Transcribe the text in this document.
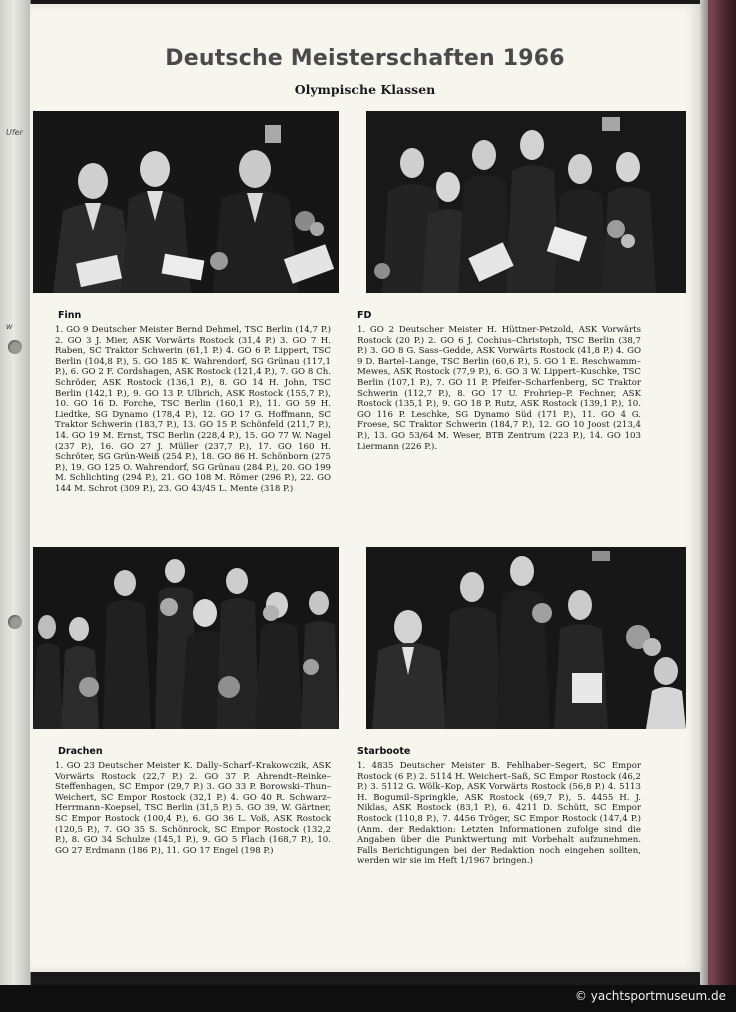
Ufer
w
© yachtsportmuseum.de
Deutsche Meisterschaften 1966
Olympische Klassen
Finn
1. GO 9 Deutscher Meister Bernd Dehmel, TSC Berlin (14,7 P.) 2. GO 3 J. Mier, ASK Vorwärts Rostock (31,4 P.) 3. GO 7 H. Raben, SC Traktor Schwerin (61,1 P.) 4. GO 6 P. Lippert, TSC Berlin (104,8 P.), 5. GO 185 K. Wahrendorf, SG Grünau (117,1 P.), 6. GO 2 F. Cordshagen, ASK Rostock (121,4 P.), 7. GO 8 Ch. Schröder, ASK Rostock (136,1 P.), 8. GO 14 H. John, TSC Berlin (142,1 P.), 9. GO 13 P. Ulbrich, ASK Rostock (155,7 P.), 10. GO 16 D. Forche, TSC Berlin (160,1 P.), 11. GO 59 H. Liedtke, SG Dynamo (178,4 P.), 12. GO 17 G. Hoffmann, SC Traktor Schwerin (183,7 P.), 13. GO 15 P. Schönfeld (211,7 P.), 14. GO 19 M. Ernst, TSC Berlin (228,4 P.), 15. GO 77 W. Nagel (237 P.), 16. GO 27 J. Müller (237,7 P.), 17. GO 160 H. Schröter, SG Grün-Weiß (254 P.), 18. GO 86 H. Schönborn (275 P.), 19. GO 125 O. Wahrendorf, SG Grünau (284 P.), 20. GO 199 M. Schlichting (294 P.), 21. GO 108 M. Römer (296 P.), 22. GO 144 M. Schrot (309 P.), 23. GO 43/45 L. Mente (318 P.)
FD
1. GO 2 Deutscher Meister H. Hüttner-Petzold, ASK Vorwärts Rostock (20 P.) 2. GO 6 J. Cochius–Christoph, TSC Berlin (38,7 P.) 3. GO 8 G. Sass–Gedde, ASK Vorwärts Rostock (41,8 P.) 4. GO 9 D. Bartel–Lange, TSC Berlin (60,6 P.), 5. GO 1 E. Reschwamm–Mewes, ASK Rostock (77,9 P.), 6. GO 3 W. Lippert–Kuschke, TSC Berlin (107,1 P.), 7. GO 11 P. Pfeifer–Scharfenberg, SC Traktor Schwerin (112,7 P.), 8. GO 17 U. Frohriep–P. Fechner, ASK Rostock (135,1 P.), 9. GO 18 P. Rutz, ASK Rostock (139,1 P.), 10. GO 116 P. Leschke, SG Dynamo Süd (171 P.), 11. GO 4 G. Froese, SC Traktor Schwerin (184,7 P.), 12. GO 10 Joost (213,4 P.), 13. GO 53/64 M. Weser, BTB Zentrum (223 P.), 14. GO 103 Liermann (226 P.).
Drachen
1. GO 23 Deutscher Meister K. Dally–Scharf–Krakowczik, ASK Vorwärts Rostock (22,7 P.) 2. GO 37 P. Ahrendt–Reinke–Steffenhagen, SC Empor (29,7 P.) 3. GO 33 P. Borowski–Thun–Weichert, SC Empor Rostock (32,1 P.) 4. GO 40 R. Schwarz–Herrmann–Koepsel, TSC Berlin (31,5 P.) 5. GO 39, W. Gärtner, SC Empor Rostock (100,4 P.), 6. GO 36 L. Voß, ASK Rostock (120,5 P.), 7. GO 35 S. Schönrock, SC Empor Rostock (132,2 P.), 8. GO 34 Schulze (145,1 P.), 9. GO 5 Flach (168,7 P.), 10. GO 27 Erdmann (186 P.), 11. GO 17 Engel (198 P.)
Starboote
1. 4835 Deutscher Meister B. Fehlhaber–Segert, SC Empor Rostock (6 P.) 2. 5114 H. Weichert–Saß, SC Empor Rostock (46,2 P.) 3. 5112 G. Wölk–Kop, ASK Vorwärts Rostock (56,8 P.) 4. 5113 H. Bogumil–Springkle, ASK Rostock (69,7 P.), 5. 4455 H. J. Niklas, ASK Rostock (83,1 P.), 6. 4211 D. Schütt, SC Empor Rostock (110,8 P.), 7. 4456 Tröger, SC Empor Rostock (147,4 P.) (Anm. der Redaktion: Letzten Informationen zufolge sind die Angaben über die Punktwertung mit Vorbehalt aufzunehmen. Falls Berichtigungen bei der Redaktion noch eingehen sollten, werden wir sie im Heft 1/1967 bringen.)
